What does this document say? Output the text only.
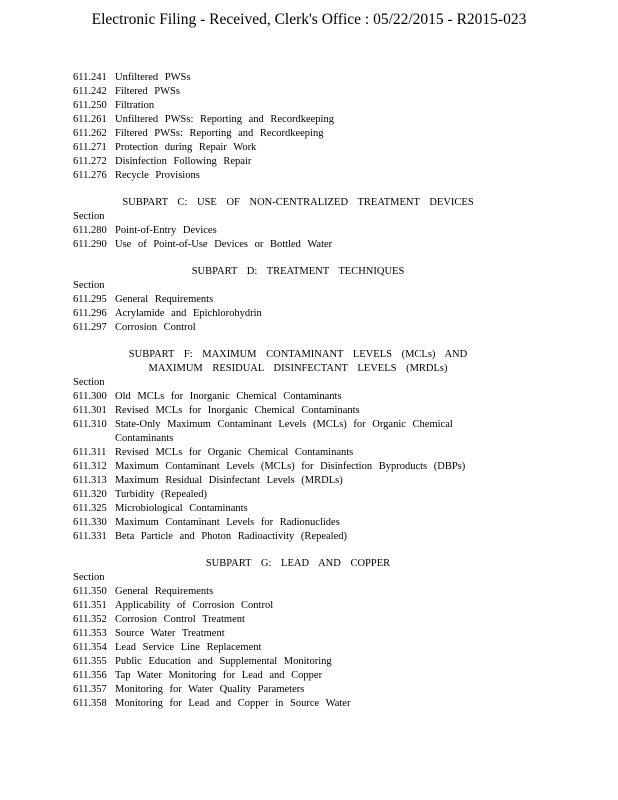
Electronic Filing - Received, Clerk's Office : 05/22/2015 - R2015-023
611.241 Unfiltered PWSs
611.242 Filtered PWSs
611.250 Filtration
611.261 Unfiltered PWSs: Reporting and Recordkeeping
611.262 Filtered PWSs: Reporting and Recordkeeping
611.271 Protection during Repair Work
611.272 Disinfection Following Repair
611.276 Recycle Provisions
SUBPART C: USE OF NON-CENTRALIZED TREATMENT DEVICES
Section
611.280 Point-of-Entry Devices
611.290 Use of Point-of-Use Devices or Bottled Water
SUBPART D: TREATMENT TECHNIQUES
Section
611.295 General Requirements
611.296 Acrylamide and Epichlorohydrin
611.297 Corrosion Control
SUBPART F: MAXIMUM CONTAMINANT LEVELS (MCLs) AND
MAXIMUM RESIDUAL DISINFECTANT LEVELS (MRDLs)
Section
611.300 Old MCLs for Inorganic Chemical Contaminants
611.301 Revised MCLs for Inorganic Chemical Contaminants
611.310 State-Only Maximum Contaminant Levels (MCLs) for Organic Chemical Contaminants
611.311 Revised MCLs for Organic Chemical Contaminants
611.312 Maximum Contaminant Levels (MCLs) for Disinfection Byproducts (DBPs)
611.313 Maximum Residual Disinfectant Levels (MRDLs)
611.320 Turbidity (Repealed)
611.325 Microbiological Contaminants
611.330 Maximum Contaminant Levels for Radionuclides
611.331 Beta Particle and Photon Radioactivity (Repealed)
SUBPART G: LEAD AND COPPER
Section
611.350 General Requirements
611.351 Applicability of Corrosion Control
611.352 Corrosion Control Treatment
611.353 Source Water Treatment
611.354 Lead Service Line Replacement
611.355 Public Education and Supplemental Monitoring
611.356 Tap Water Monitoring for Lead and Copper
611.357 Monitoring for Water Quality Parameters
611.358 Monitoring for Lead and Copper in Source Water
